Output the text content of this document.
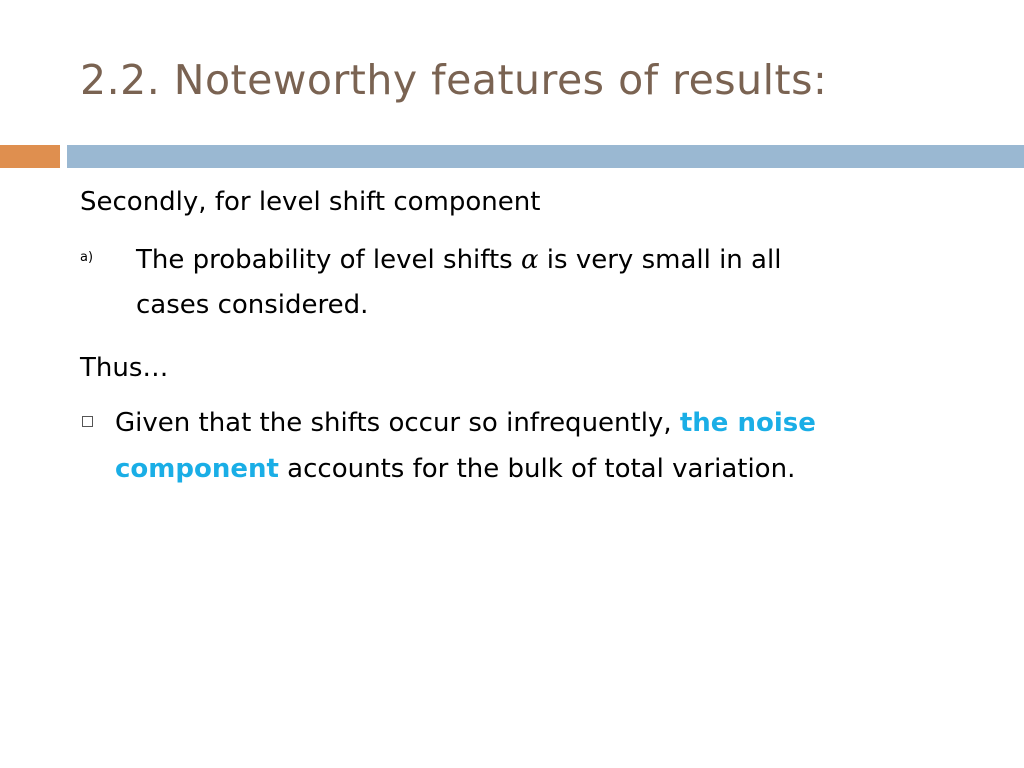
2.2. Noteworthy features of results:
Secondly, for level shift component
a) The probability of level shifts α is very small in all
cases considered.
Thus…
Given that the shifts occur so infrequently, the noise
component accounts for the bulk of total variation.
